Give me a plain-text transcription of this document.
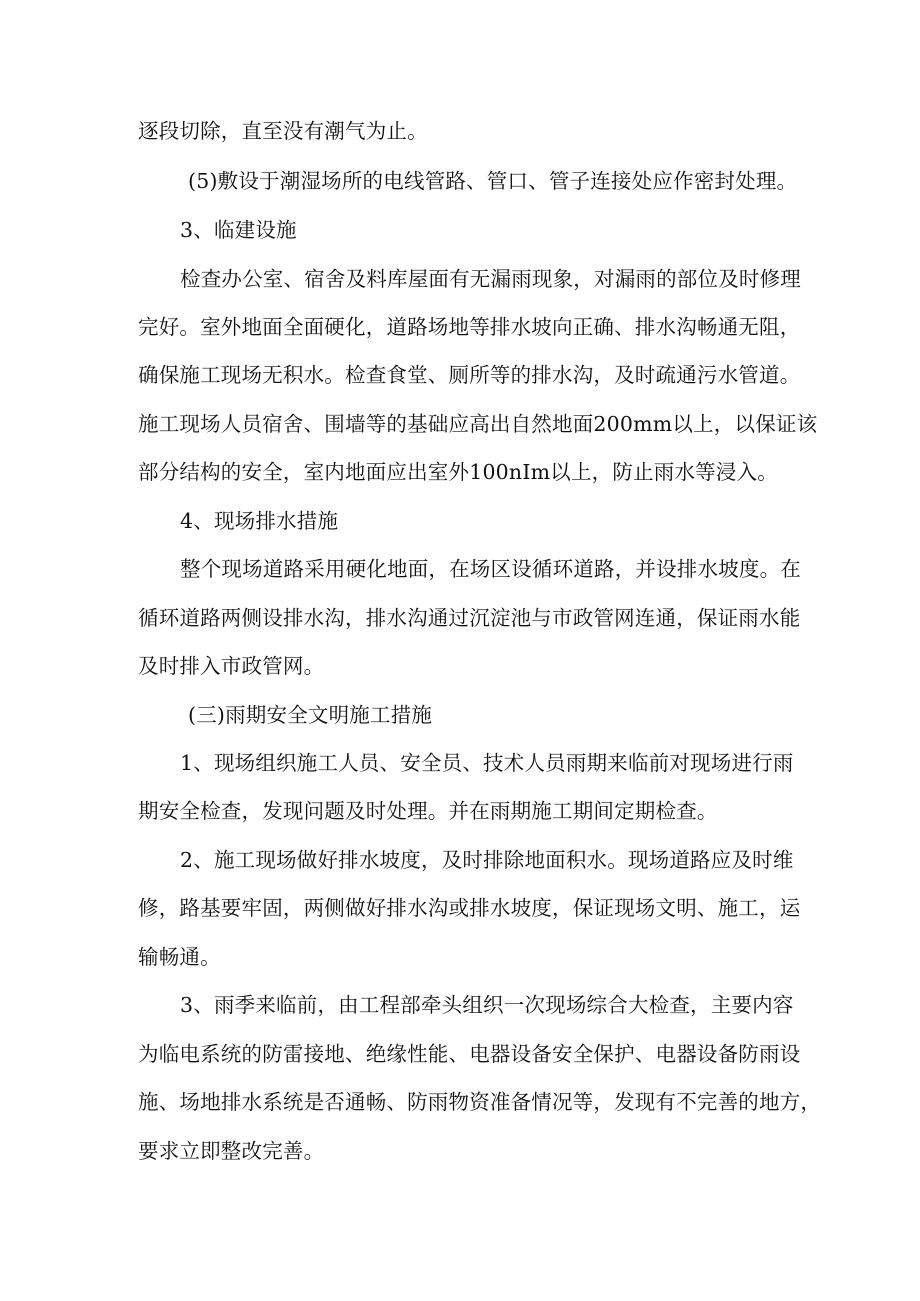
逐段切除，直至没有潮气为止。
(5)敷设于潮湿场所的电线管路、管口、管子连接处应作密封处理。
3、临建设施
检查办公室、宿舍及料库屋面有无漏雨现象，对漏雨的部位及时修理
完好。室外地面全面硬化，道路场地等排水坡向正确、排水沟畅通无阻，
确保施工现场无积水。检查食堂、厕所等的排水沟，及时疏通污水管道。
施工现场人员宿舍、围墙等的基础应高出自然地面200mm以上，以保证该
部分结构的安全，室内地面应出室外100nIm以上，防止雨水等浸入。
4、现场排水措施
整个现场道路采用硬化地面，在场区设循环道路，并设排水坡度。在
循环道路两侧设排水沟，排水沟通过沉淀池与市政管网连通，保证雨水能
及时排入市政管网。
(三)雨期安全文明施工措施
1、现场组织施工人员、安全员、技术人员雨期来临前对现场进行雨
期安全检查，发现问题及时处理。并在雨期施工期间定期检查。
2、施工现场做好排水坡度，及时排除地面积水。现场道路应及时维
修，路基要牢固，两侧做好排水沟或排水坡度，保证现场文明、施工，运
输畅通。
3、雨季来临前，由工程部牵头组织一次现场综合大检查，主要内容
为临电系统的防雷接地、绝缘性能、电器设备安全保护、电器设备防雨设
施、场地排水系统是否通畅、防雨物资准备情况等，发现有不完善的地方，
要求立即整改完善。
